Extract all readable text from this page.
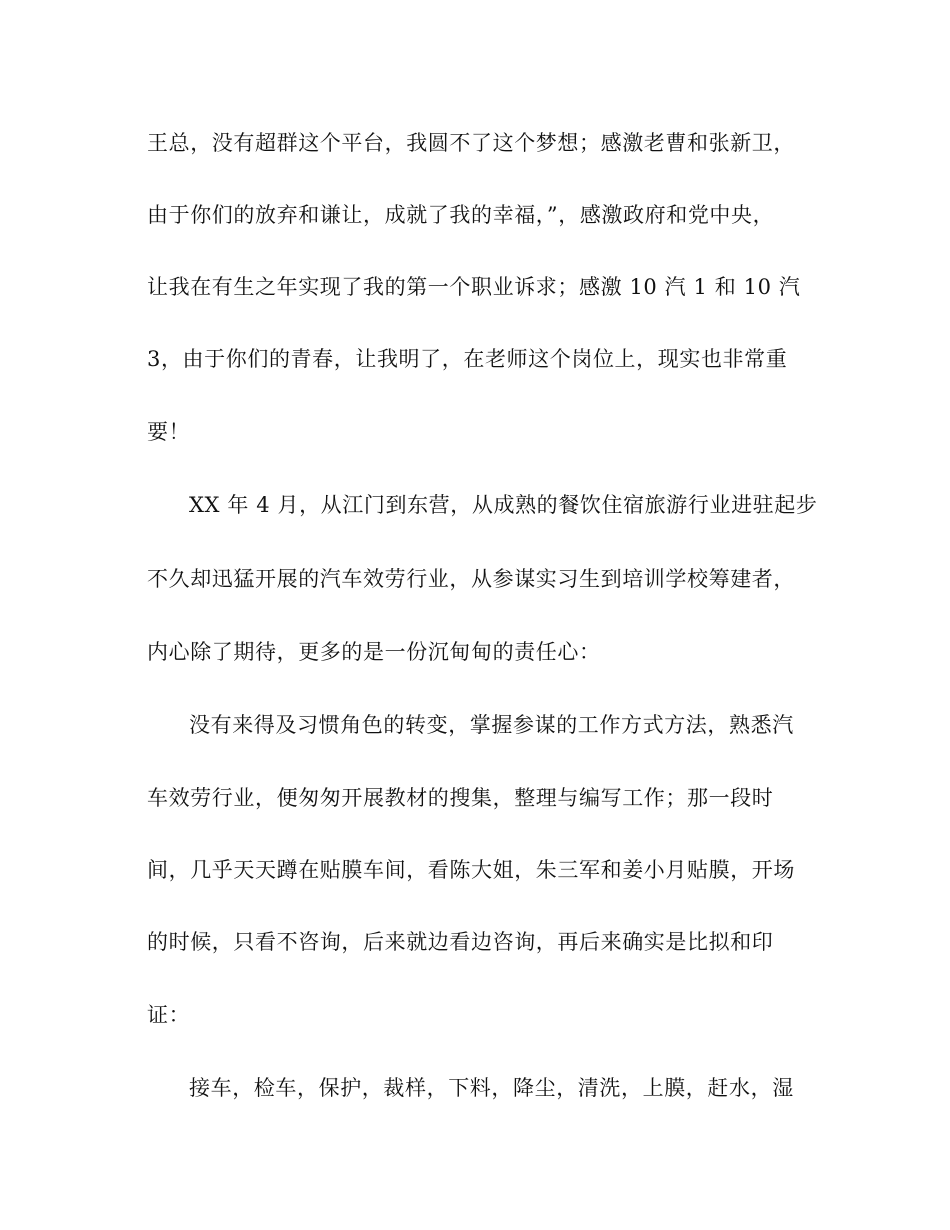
王总，没有超群这个平台，我圆不了这个梦想；感激老曹和张新卫，
由于你们的放弃和谦让，成就了我的幸福，”，感激政府和党中央，
让我在有生之年实现了我的第一个职业诉求；感激 10 汽 1 和 10 汽
3，由于你们的青春，让我明了，在老师这个岗位上，现实也非常重
要！
XX 年 4 月，从江门到东营，从成熟的餐饮住宿旅游行业进驻起步
不久却迅猛开展的汽车效劳行业，从参谋实习生到培训学校筹建者，
内心除了期待，更多的是一份沉甸甸的责任心：
没有来得及习惯角色的转变，掌握参谋的工作方式方法，熟悉汽
车效劳行业，便匆匆开展教材的搜集，整理与编写工作；那一段时
间，几乎天天蹲在贴膜车间，看陈大姐，朱三军和姜小月贴膜，开场
的时候，只看不咨询，后来就边看边咨询，再后来确实是比拟和印
证：
接车，检车，保护，裁样，下料，降尘，清洗，上膜，赶水，湿
